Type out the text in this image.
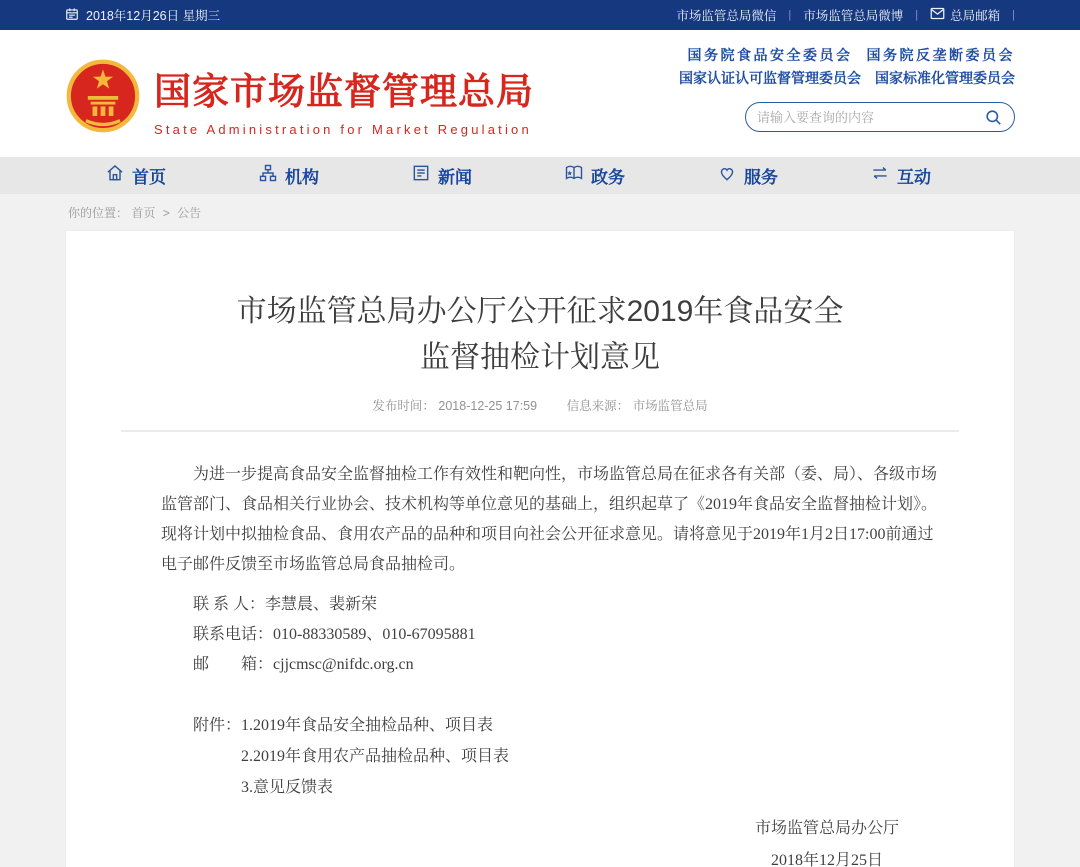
2018年12月26日 星期三	市场监管总局微信 | 市场监管总局微博 |	总局邮箱 |
国家市场监督管理总局
State Administration for Market Regulation
国务院食品安全委员会 国务院反垄断委员会
国家认证认可监督管理委员会 国家标准化管理委员会
请输入要查询的内容
首页	机构	新闻	政务	服务	互动
你的位置： 首页 > 公告
市场监管总局办公厅公开征求2019年食品安全
监督抽检计划意见
发布时间： 2018-12-25 17:59 信息来源： 市场监管总局

为进一步提高食品安全监督抽检工作有效性和靶向性，市场监管总局在征求各有关部（委、局）、各级市场监管部门、食品相关行业协会、技术机构等单位意见的基础上，组织起草了《2019年食品安全监督抽检计划》。现将计划中拟抽检食品、食用农产品的品种和项目向社会公开征求意见。请将意见于2019年1月2日17:00前通过电子邮件反馈至市场监管总局食品抽检司。

联 系 人：李慧晨、裴新荣
联系电话：010-88330589、010-67095881
邮　　箱：cjjcmsc@nifdc.org.cn
附件： 1.2019年食品安全抽检品种、项目表
2.2019年食用农产品抽检品种、项目表
3.意见反馈表
市场监管总局办公厅
2018年12月25日
